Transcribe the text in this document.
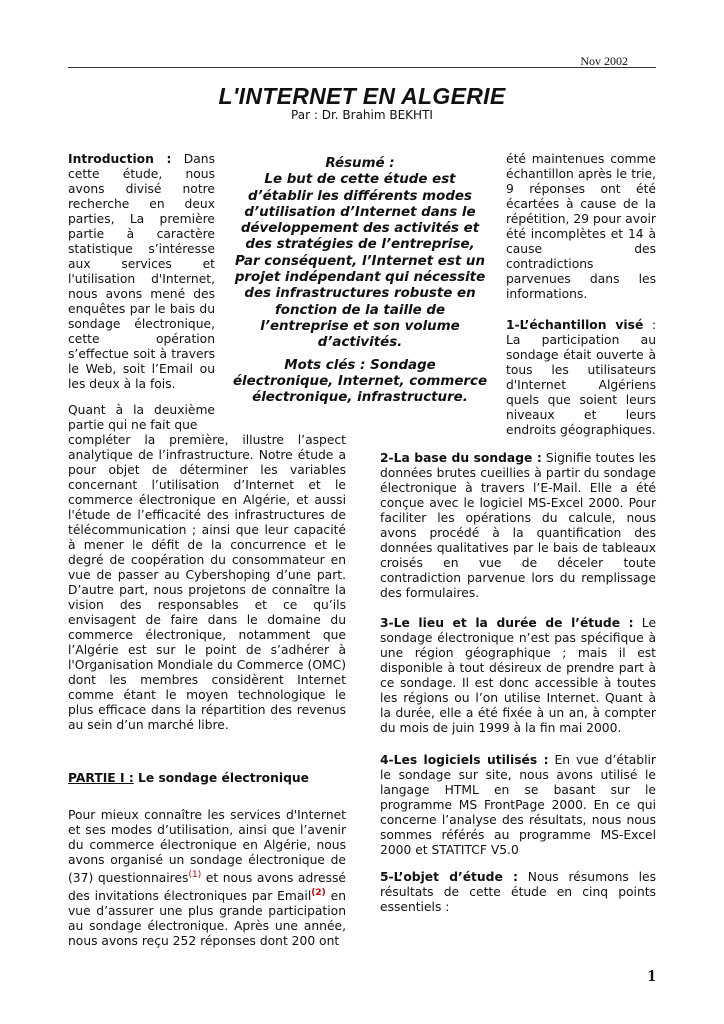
Nov 2002
L'INTERNET EN ALGERIE
Par : Dr. Brahim BEKHTI

Introduction : Dans cette étude, nous avons divisé notre recherche en deux parties, La première partie à caractère statistique s’intéresse aux services et l'utilisation d'Internet, nous avons mené des enquêtes par le bais du sondage électronique, cette opération s’effectue soit à travers le Web, soit l’Email ou les deux à la fois.

Quant à la deuxième partie qui ne fait que

compléter la première, illustre l’aspect analytique de l’infrastructure. Notre étude a pour objet de déterminer les variables concernant l’utilisation d’Internet et le commerce électronique en Algérie, et aussi l'étude de l’efficacité des infrastructures de télécommunication ; ainsi que leur capacité à mener le défit de la concurrence et le degré de coopération du consommateur en vue de passer au Cybershoping d’une part. D’autre part, nous projetons de connaître la vision des responsables et ce qu’ils envisagent de faire dans le domaine du commerce électronique, notamment que l’Algérie est sur le point de s’adhérer à l'Organisation Mondiale du Commerce (OMC) dont les membres considèrent Internet comme étant le moyen technologique le plus efficace dans la répartition des revenus au sein d’un marché libre.

PARTIE I : Le sondage électronique

Pour mieux connaître les services d'Internet et ses modes d’utilisation, ainsi que l’avenir du commerce électronique en Algérie, nous avons organisé un sondage électronique de (37) questionnaires$^{(1)}$ et nous avons adressé des invitations électroniques par Email$^{(2)}$ en vue d’assurer une plus grande participation au sondage électronique. Après une année, nous avons reçu 252 réponses dont 200 ont

Résumé :

Le but de cette étude est d’établir les différents modes d’utilisation d’Internet dans le développement des activités et des stratégies de l’entreprise, Par conséquent, l’Internet est un projet indépendant qui nécessite des infrastructures robuste en fonction de la taille de l’entreprise et son volume d’activités.

Mots clés : Sondage électronique, Internet, commerce électronique, infrastructure.

été maintenues comme échantillon après le trie, 9 réponses ont été écartées à cause de la répétition, 29 pour avoir été incomplètes et 14 à cause des contradictions parvenues dans les informations.

1-L’échantillon visé : La participation au sondage était ouverte à tous les utilisateurs d'Internet Algériens quels que soient leurs niveaux et leurs endroits géographiques.

2-La base du sondage : Signifie toutes les données brutes cueillies à partir du sondage électronique à travers l’E-Mail. Elle a été conçue avec le logiciel MS-Excel 2000. Pour faciliter les opérations du calcule, nous avons procédé à la quantification des données qualitatives par le bais de tableaux croisés en vue de déceler toute contradiction parvenue lors du remplissage des formulaires.

3-Le lieu et la durée de l’étude : Le sondage électronique n’est pas spécifique à une région géographique ; mais il est disponible à tout désireux de prendre part à ce sondage. Il est donc accessible à toutes les régions ou l’on utilise Internet. Quant à la durée, elle a été fixée à un an, à compter du mois de juin 1999 à la fin mai 2000.

4-Les logiciels utilisés : En vue d’établir le sondage sur site, nous avons utilisé le langage HTML en se basant sur le programme MS FrontPage 2000. En ce qui concerne l’analyse des résultats, nous nous sommes référés au programme MS-Excel 2000 et STATITCF V5.0

5-L’objet d’étude : Nous résumons les résultats de cette étude en cinq points essentiels :

1
